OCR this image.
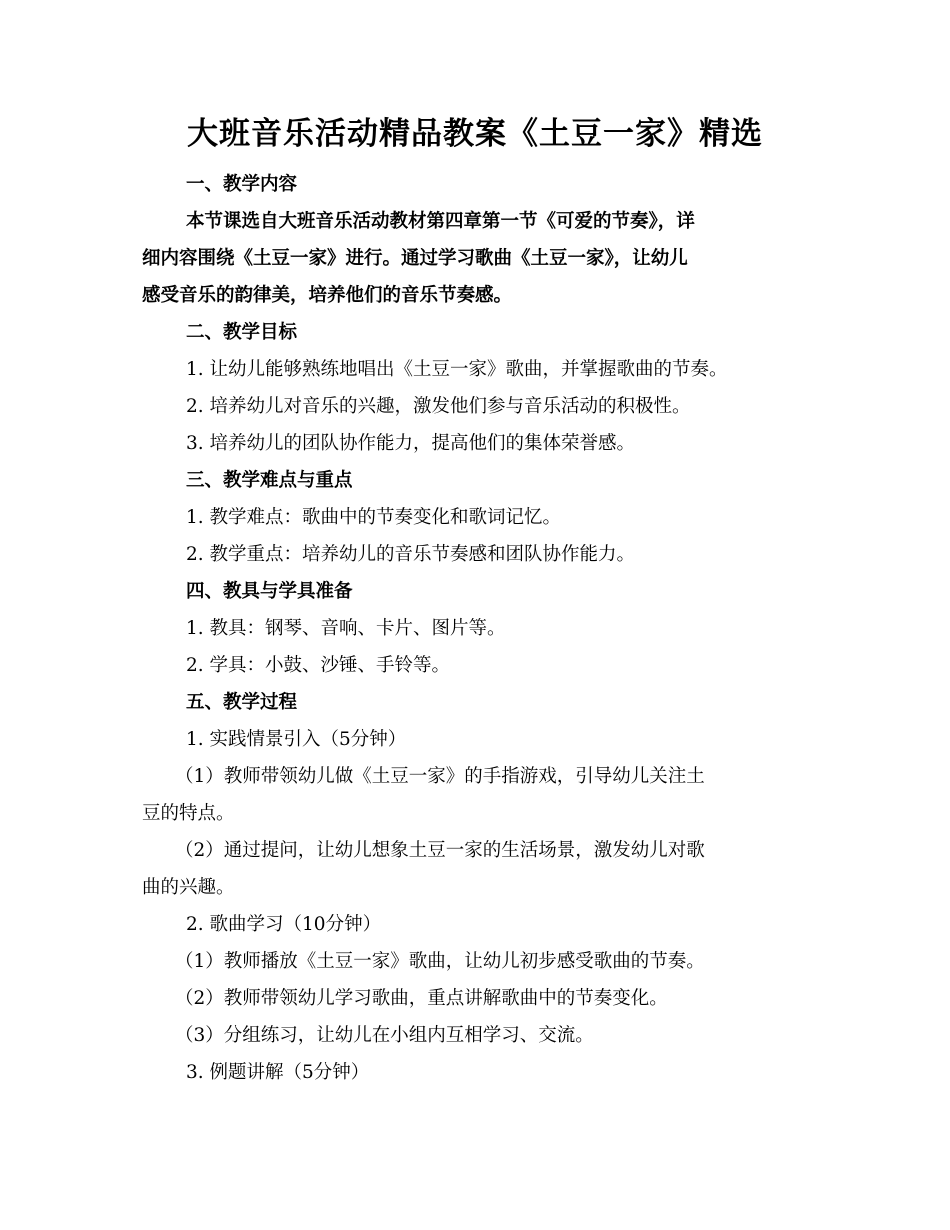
大班音乐活动精品教案《土豆一家》精选
一、教学内容
本节课选自大班音乐活动教材第四章第一节《可爱的节奏》，详
细内容围绕《土豆一家》进行。通过学习歌曲《土豆一家》，让幼儿
感受音乐的韵律美，培养他们的音乐节奏感。
二、教学目标
1. 让幼儿能够熟练地唱出《土豆一家》歌曲，并掌握歌曲的节奏。
2. 培养幼儿对音乐的兴趣，激发他们参与音乐活动的积极性。
3. 培养幼儿的团队协作能力，提高他们的集体荣誉感。
三、教学难点与重点
1. 教学难点：歌曲中的节奏变化和歌词记忆。
2. 教学重点：培养幼儿的音乐节奏感和团队协作能力。
四、教具与学具准备
1. 教具：钢琴、音响、卡片、图片等。
2. 学具：小鼓、沙锤、手铃等。
五、教学过程
1. 实践情景引入（5分钟）
（1）教师带领幼儿做《土豆一家》的手指游戏，引导幼儿关注土
豆的特点。
（2）通过提问，让幼儿想象土豆一家的生活场景，激发幼儿对歌
曲的兴趣。
2. 歌曲学习（10分钟）
（1）教师播放《土豆一家》歌曲，让幼儿初步感受歌曲的节奏。
（2）教师带领幼儿学习歌曲，重点讲解歌曲中的节奏变化。
（3）分组练习，让幼儿在小组内互相学习、交流。
3. 例题讲解（5分钟）
